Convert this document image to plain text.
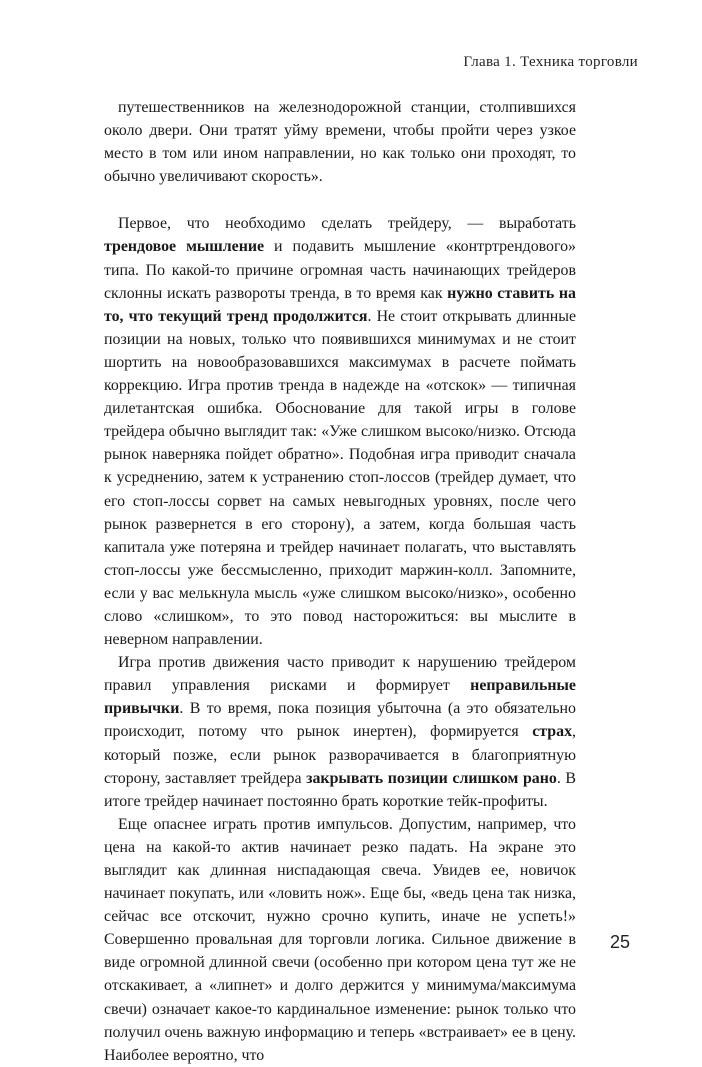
Глава 1. Техника торговли

путешественников на железнодорожной станции, столпившихся около двери. Они тратят уйму времени, чтобы пройти через узкое место в том или ином направлении, но как только они проходят, то обычно увеличивают скорость».

Первое, что необходимо сделать трейдеру, — выработать трендовое мышление и подавить мышление «контртрендового» типа. По какой-то причине огромная часть начинающих трейдеров склонны искать развороты тренда, в то время как нужно ставить на то, что текущий тренд продолжится. Не стоит открывать длинные позиции на новых, только что появившихся минимумах и не стоит шортить на новообразовавшихся максимумах в расчете поймать коррекцию. Игра против тренда в надежде на «отскок» — типичная дилетантская ошибка. Обоснование для такой игры в голове трейдера обычно выглядит так: «Уже слишком высоко/низко. Отсюда рынок наверняка пойдет обратно». Подобная игра приводит сначала к усреднению, затем к устранению стоп-лоссов (трейдер думает, что его стоп-лоссы сорвет на самых невыгодных уровнях, после чего рынок развернется в его сторону), а затем, когда большая часть капитала уже потеряна и трейдер начинает полагать, что выставлять стоп-лоссы уже бессмысленно, приходит маржин-колл. Запомните, если у вас мелькнула мысль «уже слишком высоко/низко», особенно слово «слишком», то это повод насторожиться: вы мыслите в неверном направлении.

Игра против движения часто приводит к нарушению трейдером правил управления рисками и формирует неправильные привычки. В то время, пока позиция убыточна (а это обязательно происходит, потому что рынок инертен), формируется страх, который позже, если рынок разворачивается в благоприятную сторону, заставляет трейдера закрывать позиции слишком рано. В итоге трейдер начинает постоянно брать короткие тейк-профиты.

Еще опаснее играть против импульсов. Допустим, например, что цена на какой-то актив начинает резко падать. На экране это выглядит как длинная ниспадающая свеча. Увидев ее, новичок начинает покупать, или «ловить нож». Еще бы, «ведь цена так низка, сейчас все отскочит, нужно срочно купить, иначе не успеть!» Совершенно провальная для торговли логика. Сильное движение в виде огромной длинной свечи (особенно при котором цена тут же не отскакивает, а «липнет» и долго держится у минимума/максимума свечи) означает какое-то кардинальное изменение: рынок только что получил очень важную информацию и теперь «встраивает» ее в цену. Наиболее вероятно, что

25
